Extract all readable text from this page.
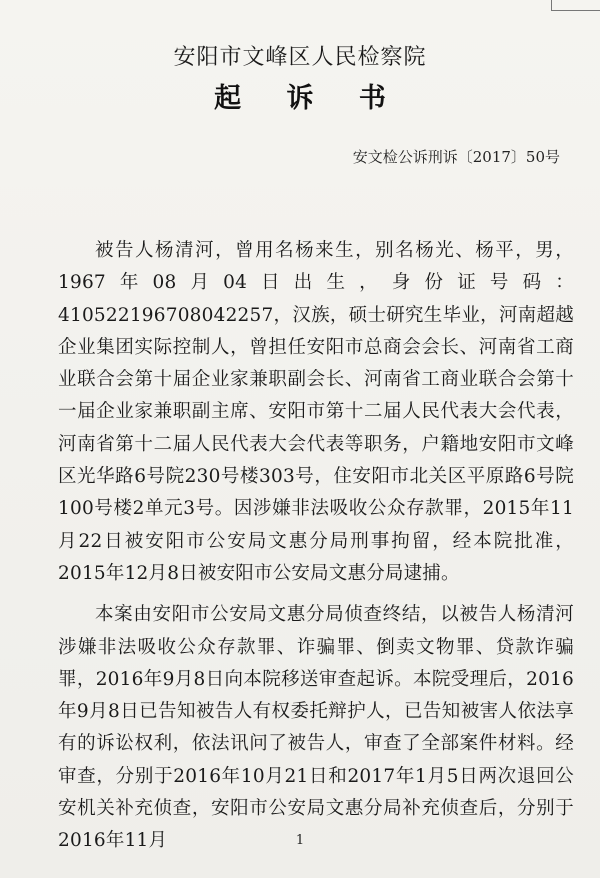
安阳市文峰区人民检察院
起 诉 书
安文检公诉刑诉〔2017〕50号

被告人杨清河，曾用名杨来生，别名杨光、杨平，男，1967年08月04日出生，身份证号码：410522196708042257，汉族，硕士研究生毕业，河南超越企业集团实际控制人，曾担任安阳市总商会会长、河南省工商业联合会第十届企业家兼职副会长、河南省工商业联合会第十一届企业家兼职副主席、安阳市第十二届人民代表大会代表，河南省第十二届人民代表大会代表等职务，户籍地安阳市文峰区光华路6号院230号楼303号，住安阳市北关区平原路6号院100号楼2单元3号。因涉嫌非法吸收公众存款罪，2015年11月22日被安阳市公安局文惠分局刑事拘留，经本院批准，2015年12月8日被安阳市公安局文惠分局逮捕。

本案由安阳市公安局文惠分局侦查终结，以被告人杨清河涉嫌非法吸收公众存款罪、诈骗罪、倒卖文物罪、贷款诈骗罪，2016年9月8日向本院移送审查起诉。本院受理后，2016年9月8日已告知被告人有权委托辩护人，已告知被害人依法享有的诉讼权利，依法讯问了被告人，审查了全部案件材料。经审查，分别于2016年10月21日和2017年1月5日两次退回公安机关补充侦查，安阳市公安局文惠分局补充侦查后，分别于2016年11月	1
